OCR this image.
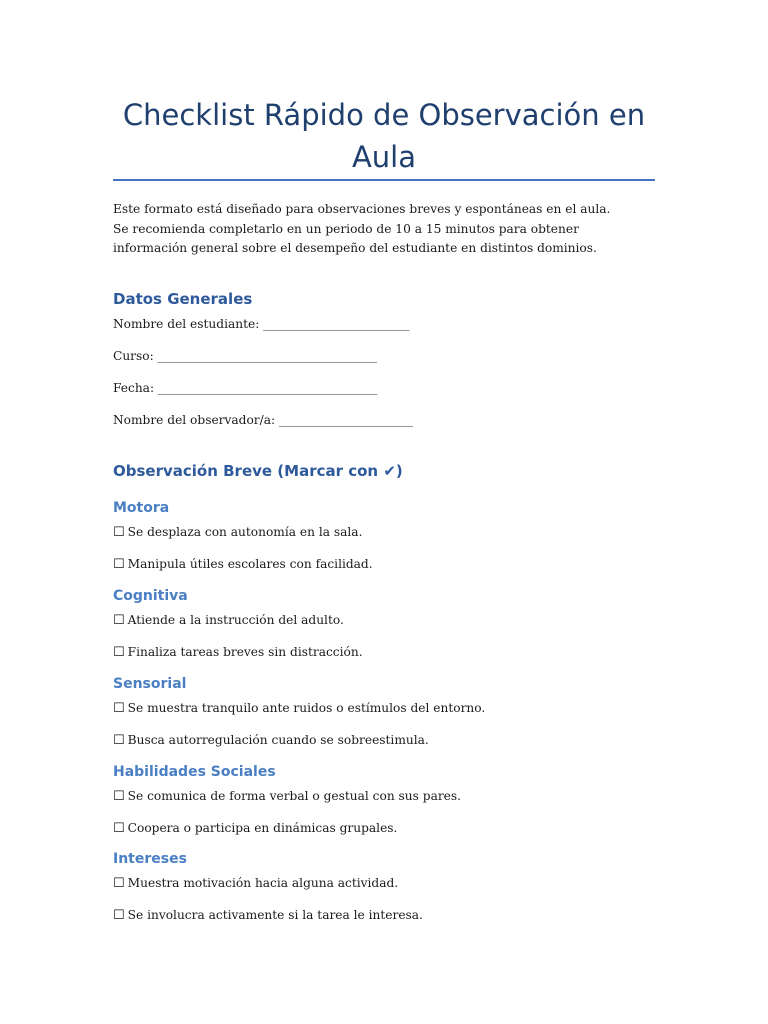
Checklist Rápido de Observación en Aula

Este formato está diseñado para observaciones breves y espontáneas en el aula. Se recomienda completarlo en un periodo de 10 a 15 minutos para obtener información general sobre el desempeño del estudiante en distintos dominios.

Datos Generales

Nombre del estudiante: ________________________

Curso: ____________________________________

Fecha: ____________________________________

Nombre del observador/a: ______________________

Observación Breve (Marcar con ✔)
Motora

☐ Se desplaza con autonomía en la sala.

☐ Manipula útiles escolares con facilidad.

Cognitiva

☐ Atiende a la instrucción del adulto.

☐ Finaliza tareas breves sin distracción.

Sensorial

☐ Se muestra tranquilo ante ruidos o estímulos del entorno.

☐ Busca autorregulación cuando se sobreestimula.

Habilidades Sociales

☐ Se comunica de forma verbal o gestual con sus pares.

☐ Coopera o participa en dinámicas grupales.

Intereses

☐ Muestra motivación hacia alguna actividad.

☐ Se involucra activamente si la tarea le interesa.
